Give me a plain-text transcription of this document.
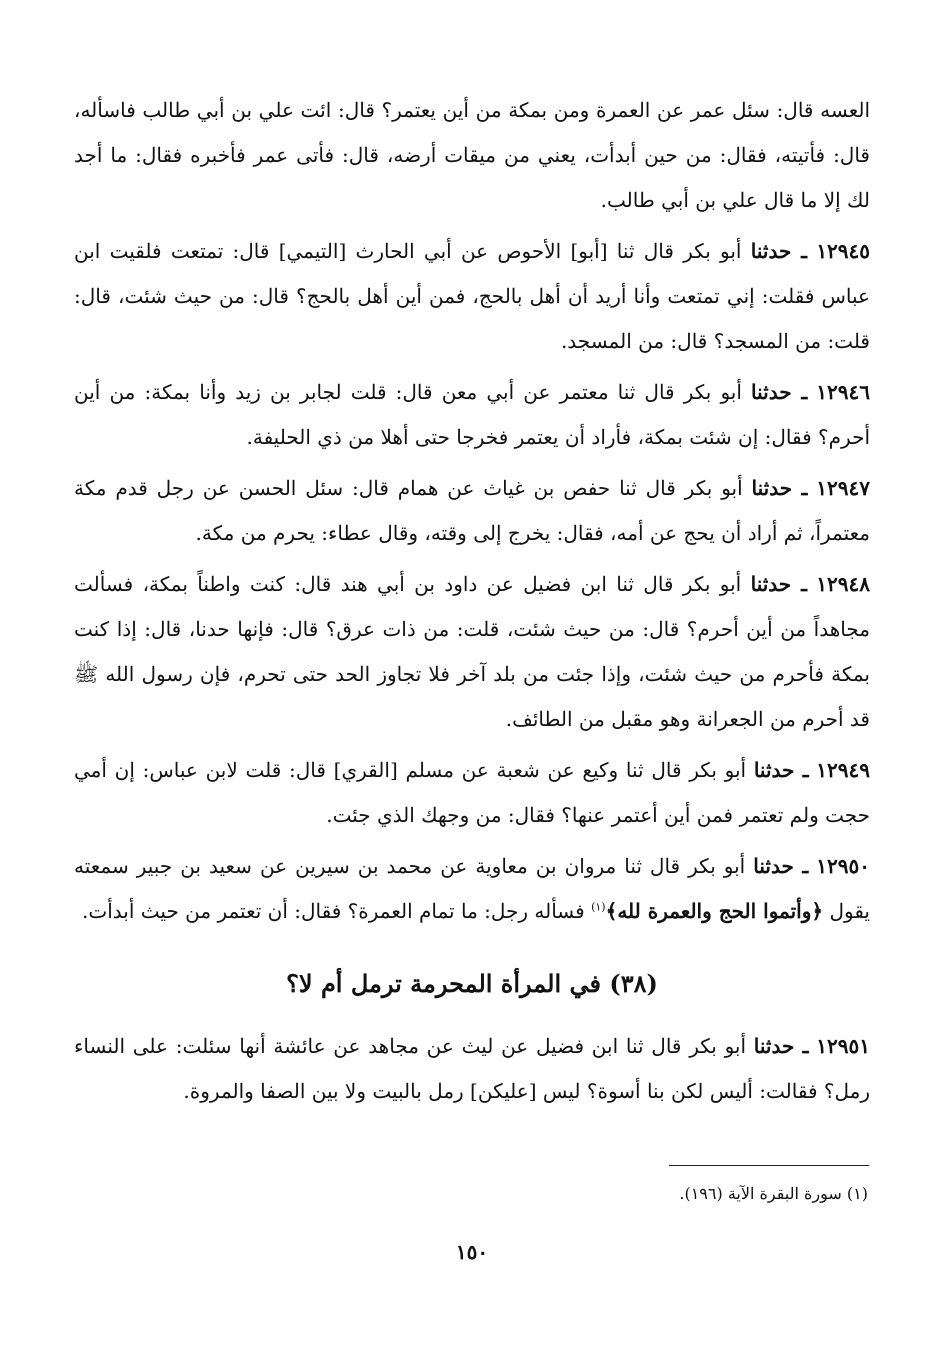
العسه قال: سئل عمر عن العمرة ومن بمكة من أين يعتمر؟ قال: ائت علي بن أبي طالب فاسأله، قال: فأتيته، فقال: من حين أبدأت، يعني من ميقات أرضه، قال: فأتى عمر فأخبره فقال: ما أجد لك إلا ما قال علي بن أبي طالب.

١٢٩٤٥ ـ حدثنا أبو بكر قال ثنا [أبو] الأحوص عن أبي الحارث [التيمي] قال: تمتعت فلقيت ابن عباس فقلت: إني تمتعت وأنا أريد أن أهل بالحج، فمن أين أهل بالحج؟ قال: من حيث شئت، قال: قلت: من المسجد؟ قال: من المسجد.

١٢٩٤٦ ـ حدثنا أبو بكر قال ثنا معتمر عن أبي معن قال: قلت لجابر بن زيد وأنا بمكة: من أين أحرم؟ فقال: إن شئت بمكة، فأراد أن يعتمر فخرجا حتى أهلا من ذي الحليفة.

١٢٩٤٧ ـ حدثنا أبو بكر قال ثنا حفص بن غياث عن همام قال: سئل الحسن عن رجل قدم مكة معتمراً، ثم أراد أن يحج عن أمه، فقال: يخرج إلى وقته، وقال عطاء: يحرم من مكة.

١٢٩٤٨ ـ حدثنا أبو بكر قال ثنا ابن فضيل عن داود بن أبي هند قال: كنت واطناً بمكة، فسألت مجاهداً من أين أحرم؟ قال: من حيث شئت، قلت: من ذات عرق؟ قال: فإنها حدنا، قال: إذا كنت بمكة فأحرم من حيث شئت، وإذا جئت من بلد آخر فلا تجاوز الحد حتى تحرم، فإن رسول الله ﷺ قد أحرم من الجعرانة وهو مقبل من الطائف.

١٢٩٤٩ ـ حدثنا أبو بكر قال ثنا وكيع عن شعبة عن مسلم [القري] قال: قلت لابن عباس: إن أمي حجت ولم تعتمر فمن أين أعتمر عنها؟ فقال: من وجهك الذي جئت.

١٢٩٥٠ ـ حدثنا أبو بكر قال ثنا مروان بن معاوية عن محمد بن سيرين عن سعيد بن جبير سمعته يقول ﴿وأتموا الحج والعمرة لله﴾$^{(١)}$ فسأله رجل: ما تمام العمرة؟ فقال: أن تعتمر من حيث أبدأت.

(٣٨) في المرأة المحرمة ترمل أم لا؟

١٢٩٥١ ـ حدثنا أبو بكر قال ثنا ابن فضيل عن ليث عن مجاهد عن عائشة أنها سئلت: على النساء رمل؟ فقالت: أليس لكن بنا أسوة؟ ليس [عليكن] رمل بالبيت ولا بين الصفا والمروة.

(١) سورة البقرة الآية (١٩٦).
١٥٠
